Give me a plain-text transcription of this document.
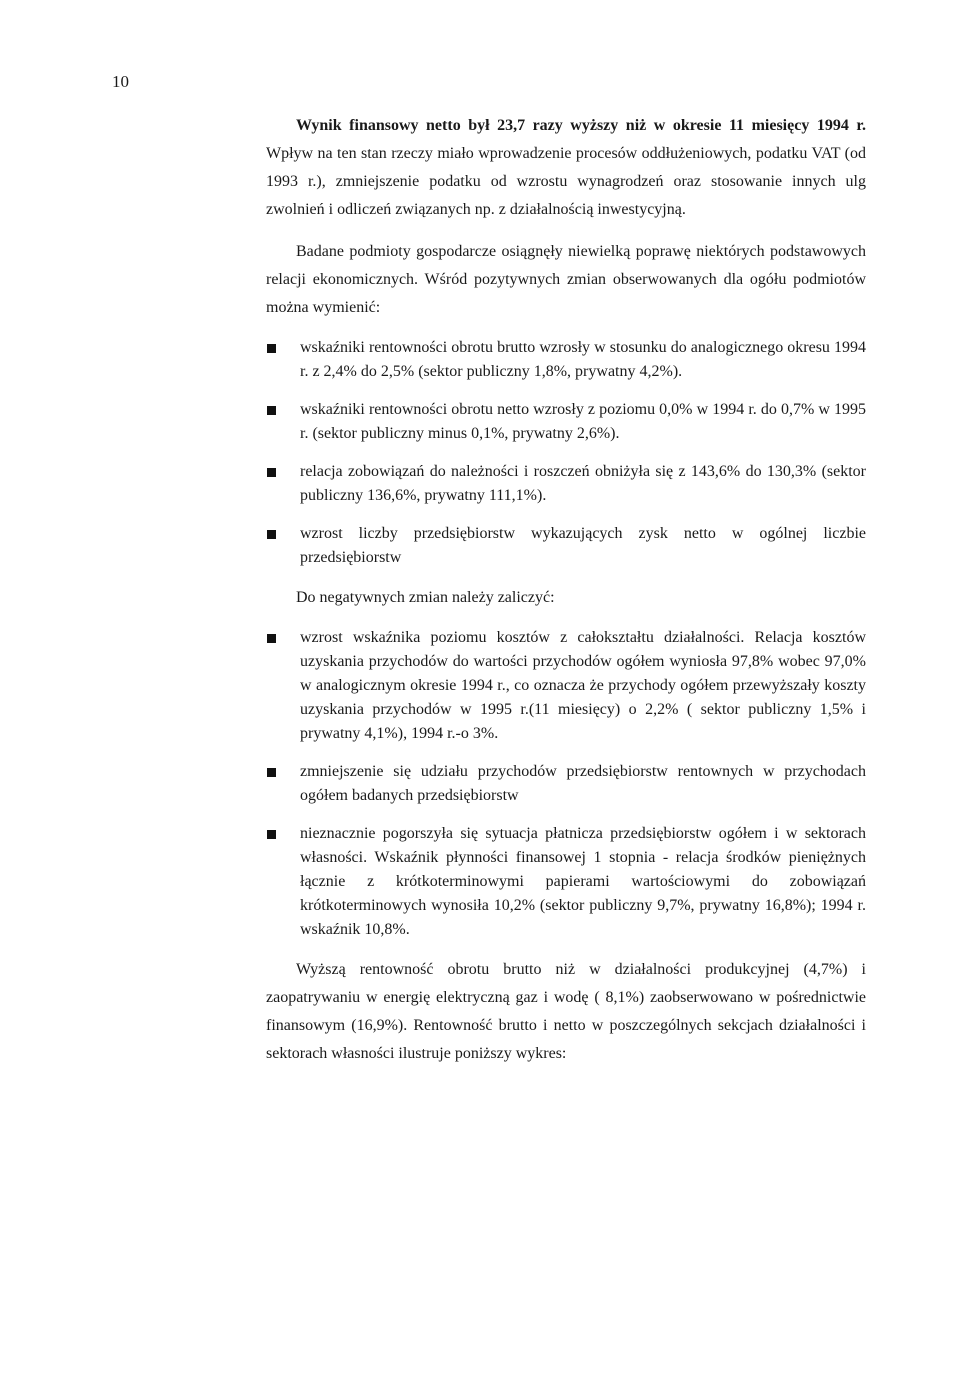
10

Wynik finansowy netto był 23,7 razy wyższy niż w okresie 11 miesięcy 1994 r. Wpływ na ten stan rzeczy miało wprowadzenie procesów oddłużeniowych, podatku VAT (od 1993 r.), zmniejszenie podatku od wzrostu wynagrodzeń oraz stosowanie innych ulg zwolnień i odliczeń związanych np. z działalnością inwestycyjną.

Badane podmioty gospodarcze osiągnęły niewielką poprawę niektórych podstawowych relacji ekonomicznych. Wśród pozytywnych zmian obserwowanych dla ogółu podmiotów można wymienić:

wskaźniki rentowności obrotu brutto wzrosły w stosunku do analogicznego okresu 1994 r. z 2,4% do 2,5% (sektor publiczny 1,8%, prywatny 4,2%).
wskaźniki rentowności obrotu netto wzrosły z poziomu 0,0% w 1994 r. do 0,7% w 1995 r. (sektor publiczny minus 0,1%, prywatny 2,6%).
relacja zobowiązań do należności i roszczeń obniżyła się z 143,6% do 130,3% (sektor publiczny 136,6%, prywatny 111,1%).
wzrost liczby przedsiębiorstw wykazujących zysk netto w ogólnej liczbie przedsiębiorstw

Do negatywnych zmian należy zaliczyć:

wzrost wskaźnika poziomu kosztów z całokształtu działalności. Relacja kosztów uzyskania przychodów do wartości przychodów ogółem wyniosła 97,8% wobec 97,0% w analogicznym okresie 1994 r., co oznacza że przychody ogółem przewyższały koszty uzyskania przychodów w 1995 r.(11 miesięcy) o 2,2% ( sektor publiczny 1,5% i prywatny 4,1%), 1994 r.-o 3%.
zmniejszenie się udziału przychodów przedsiębiorstw rentownych w przychodach ogółem badanych przedsiębiorstw
nieznacznie pogorszyła się sytuacja płatnicza przedsiębiorstw ogółem i w sektorach własności. Wskaźnik płynności finansowej 1 stopnia - relacja środków pieniężnych łącznie z krótkoterminowymi papierami wartościowymi do zobowiązań krótkoterminowych wynosiła 10,2% (sektor publiczny 9,7%, prywatny 16,8%); 1994 r. wskaźnik 10,8%.

Wyższą rentowność obrotu brutto niż w działalności produkcyjnej (4,7%) i zaopatrywaniu w energię elektryczną gaz i wodę ( 8,1%) zaobserwowano w pośrednictwie finansowym (16,9%). Rentowność brutto i netto w poszczególnych sekcjach działalności i sektorach własności ilustruje poniższy wykres:
